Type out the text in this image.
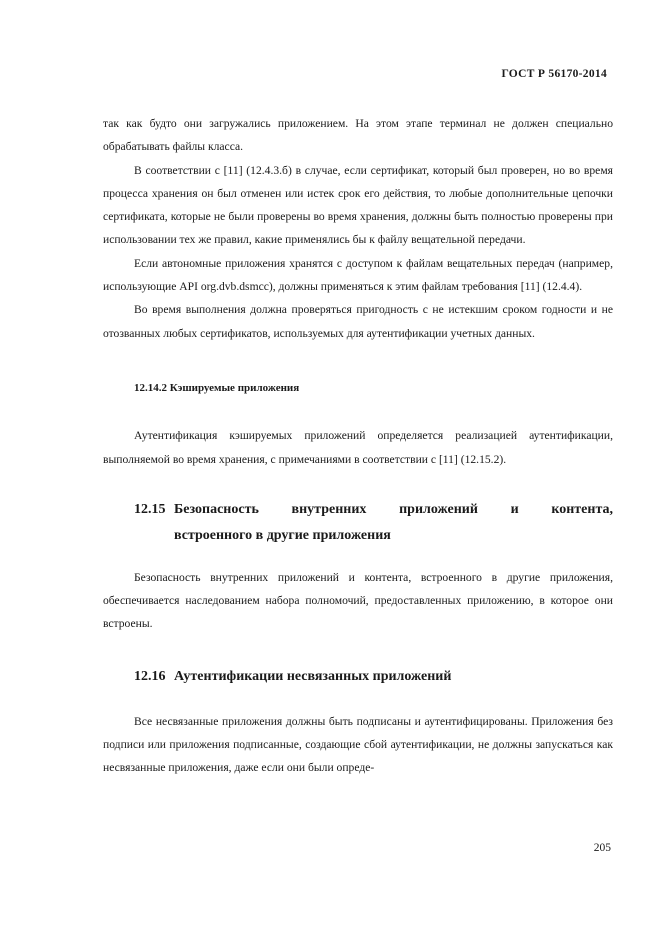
ГОСТ Р 56170-2014

так как будто они загружались приложением. На этом этапе терминал не должен специально обрабатывать файлы класса.

В соответствии с [11] (12.4.3.б) в случае, если сертификат, который был проверен, но во время процесса хранения он был отменен или истек срок его действия, то любые дополнительные цепочки сертификата, которые не были проверены во время хранения, должны быть полностью проверены при использовании тех же правил, какие применялись бы к файлу вещательной передачи.

Если автономные приложения хранятся с доступом к файлам вещательных передач (например, использующие API org.dvb.dsmcc), должны применяться к этим файлам требования [11] (12.4.4).

Во время выполнения должна проверяться пригодность с не истекшим сроком годности и не отозванных любых сертификатов, используемых для аутентификации учетных данных.

12.14.2 Кэшируемые приложения

Аутентификация кэшируемых приложений определяется реализацией аутентификации, выполняемой во время хранения, с примечаниями в соответствии с [11] (12.15.2).

12.15 Безопасность внутренних приложений и контента,
встроенного в другие приложения

Безопасность внутренних приложений и контента, встроенного в другие приложения, обеспечивается наследованием набора полномочий, предоставленных приложению, в которое они встроены.

12.16 Аутентификации несвязанных приложений

Все несвязанные приложения должны быть подписаны и аутентифицированы. Приложения без подписи или приложения подписанные, создающие сбой аутентификации, не должны запускаться как несвязанные приложения, даже если они были опреде-

205
